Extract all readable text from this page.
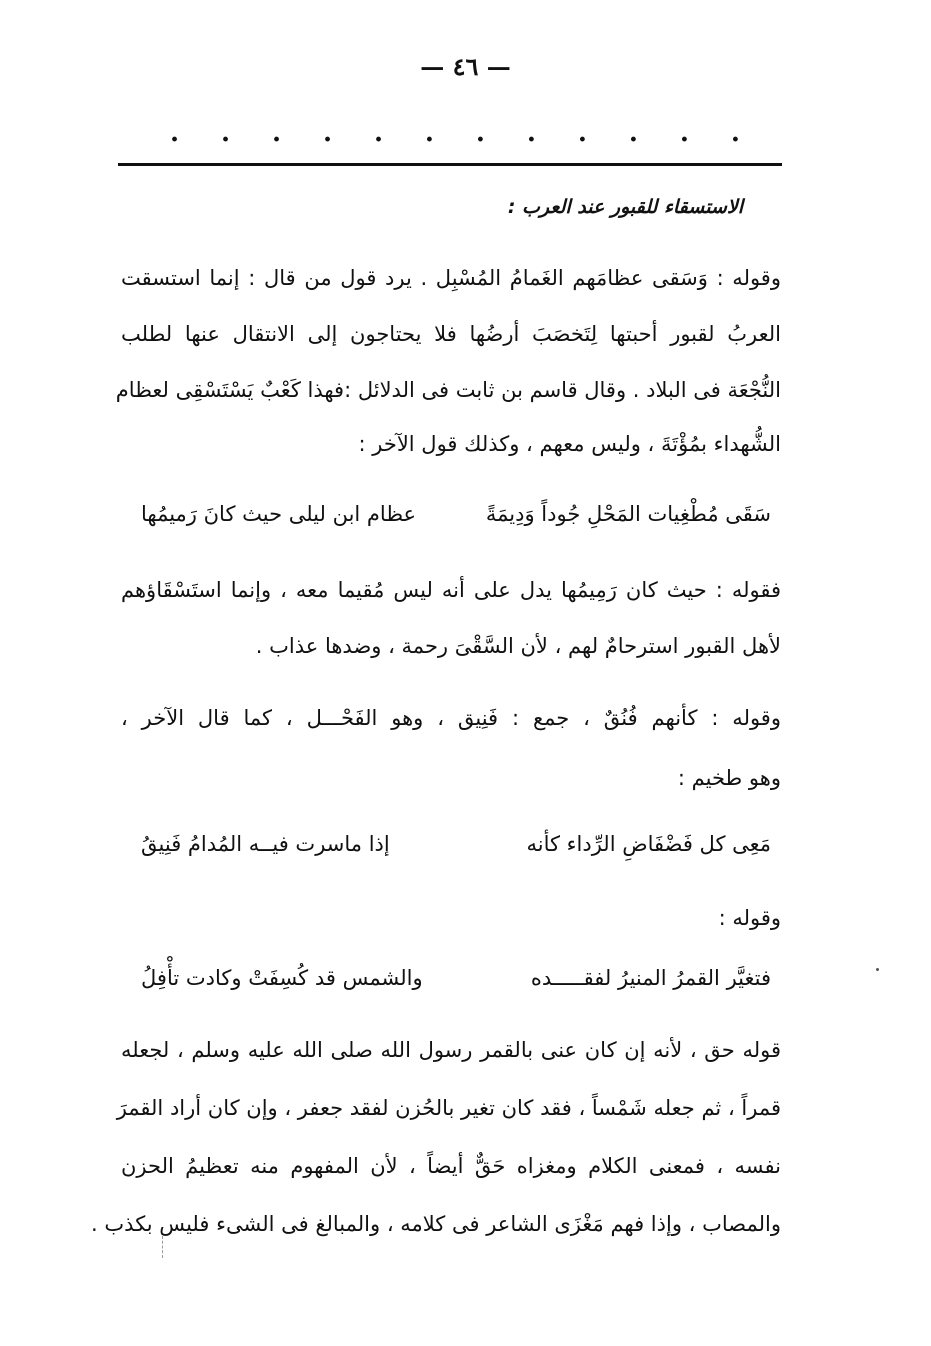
— ٤٦ —
.
.
.
.
.
.
.
.
.
.
.
.
الاستسقاء للقبور عند العرب :
وقوله : وَسَقى عظامَهم الغَمامُ المُسْبِل . يرد قول من قال : إنما استسقت
العربُ لقبور أحبتها لِتَخصَبَ أرضُها فلا يحتاجون إلى الانتقال عنها لطلب
النُّجْعَة فى البلاد . وقال قاسم بن ثابت فى الدلائل :فهذا كَعْبٌ يَسْتَسْقِى لعظام
الشُّهداء بمُؤْتَةَ ، وليس معهم ، وكذلك قول الآخر :
سَقَى مُطْغِيات المَحْلِ جُوداً وَدِيمَةً
عظام ابن ليلى حيث كانَ رَميمُها
فقوله : حيث كان رَمِيمُها يدل على أنه ليس مُقيما معه ، وإنما استَسْقَاؤهم
لأهل القبور استرحامٌ لهم ، لأن السَّقْىَ رحمة ، وضدها عذاب .
وقوله : كأنهم فُنُقٌ ، جمع : فَنِيق ، وهو الفَحْـــل ، كما قال الآخر ،
وهو طخيم :
مَعِى كل فَضْفَاضِ الرِّداء كأنه
إذا ماسرت فيــه المُدامُ فَنِيقُ
وقوله :
فتغيَّر القمرُ المنيرُ لفقـــــده
والشمس قد كُسِفَتْ وكادت تأْفِلُ
قوله حق ، لأنه إن كان عنى بالقمر رسول الله صلى الله عليه وسلم ، لجعله
قمراً ، ثم جعله شَمْساً ، فقد كان تغير بالحُزن لفقد جعفر ، وإن كان أراد القمرَ
نفسه ، فمعنى الكلام ومغزاه حَقٌّ أيضاً ، لأن المفهوم منه تعظيمُ الحزن
والمصاب ، وإذا فهم مَغْزَى الشاعر فى كلامه ، والمبالغ فى الشىء فليس بكذب .
